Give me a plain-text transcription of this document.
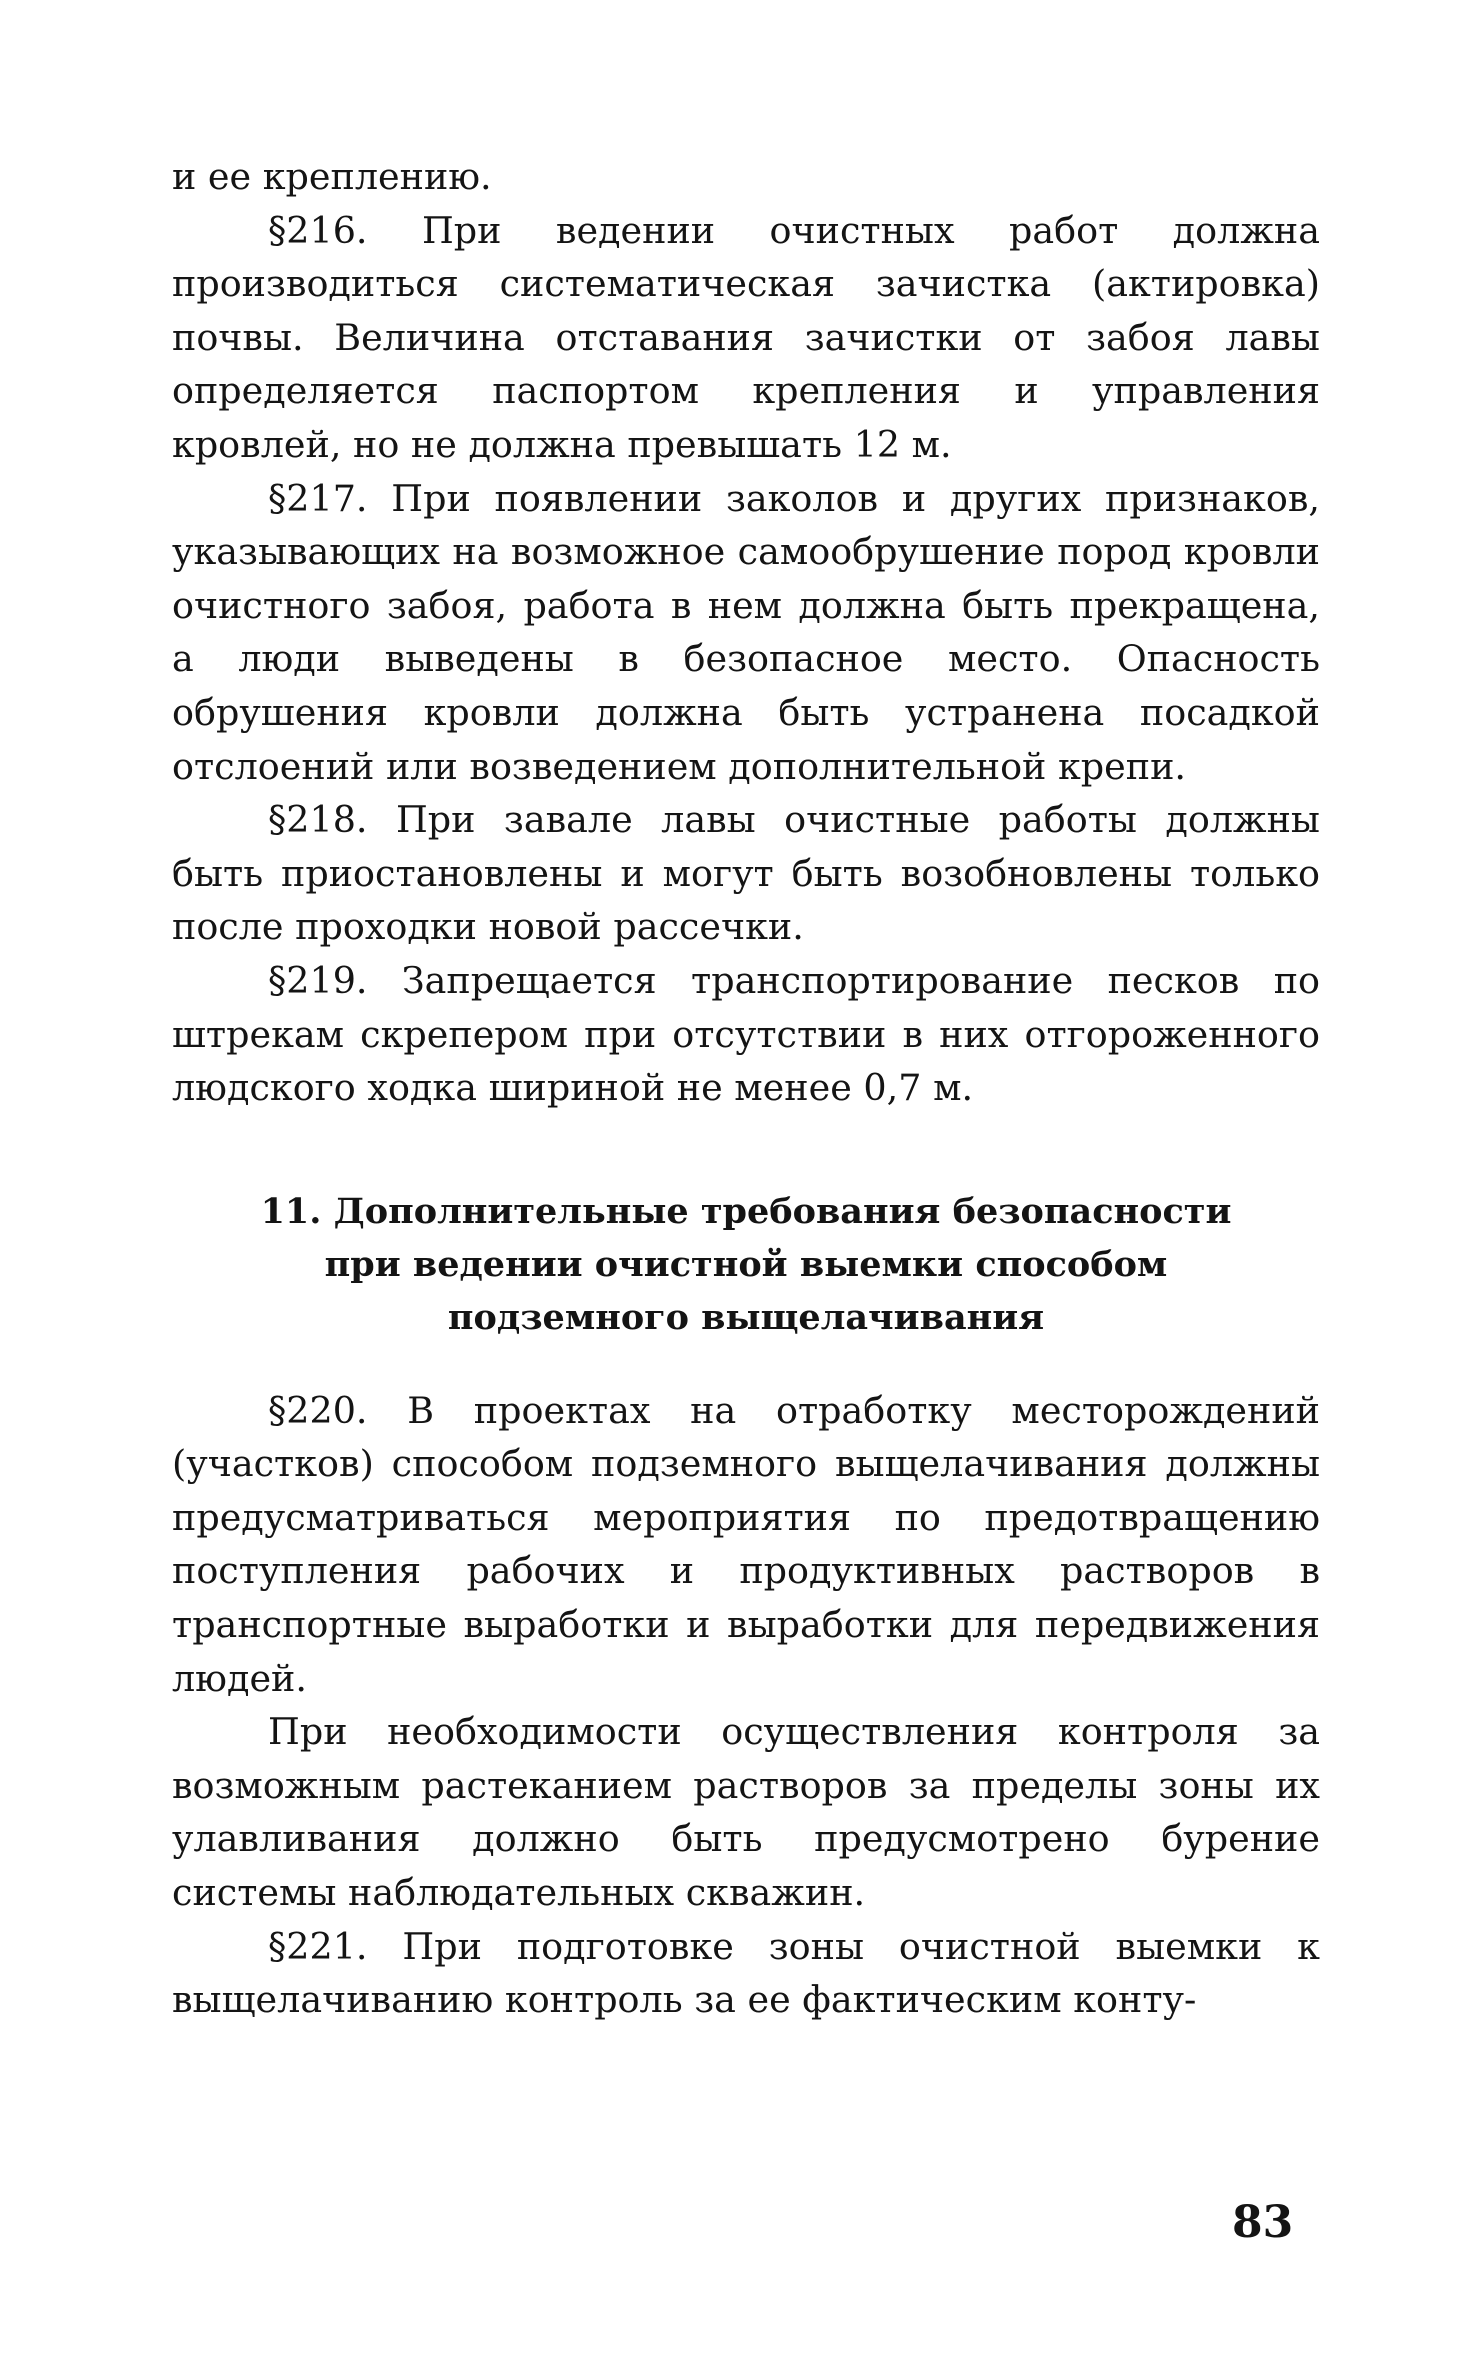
и ее креплению.

§216. При ведении очистных работ должна производиться систематическая зачистка (актировка) почвы. Величина отставания зачистки от забоя лавы определяется паспортом крепления и управления кровлей, но не должна превышать 12 м.

§217. При появлении заколов и других признаков, указывающих на возможное самообрушение пород кровли очистного забоя, работа в нем должна быть прекращена, а люди выведены в безопасное место. Опасность обрушения кровли должна быть устранена посадкой отслоений или возведением дополнительной крепи.

§218. При завале лавы очистные работы должны быть приостановлены и могут быть возобновлены только после проходки новой рассечки.

§219. Запрещается транспортирование песков по штрекам скрепером при отсутствии в них отгороженного людского ходка шириной не менее 0,7 м.

11. Дополнительные требования безопасности
при ведении очистной выемки способом
подземного выщелачивания

§220. В проектах на отработку месторождений (участков) способом подземного выщелачивания должны предусматриваться мероприятия по предотвращению поступления рабочих и продуктивных растворов в транспортные выработки и выработки для передвижения людей.

При необходимости осуществления контроля за возможным растеканием растворов за пределы зоны их улавливания должно быть предусмотрено бурение системы наблюдательных скважин.

§221. При подготовке зоны очистной выемки к выщелачиванию контроль за ее фактическим конту-

83
